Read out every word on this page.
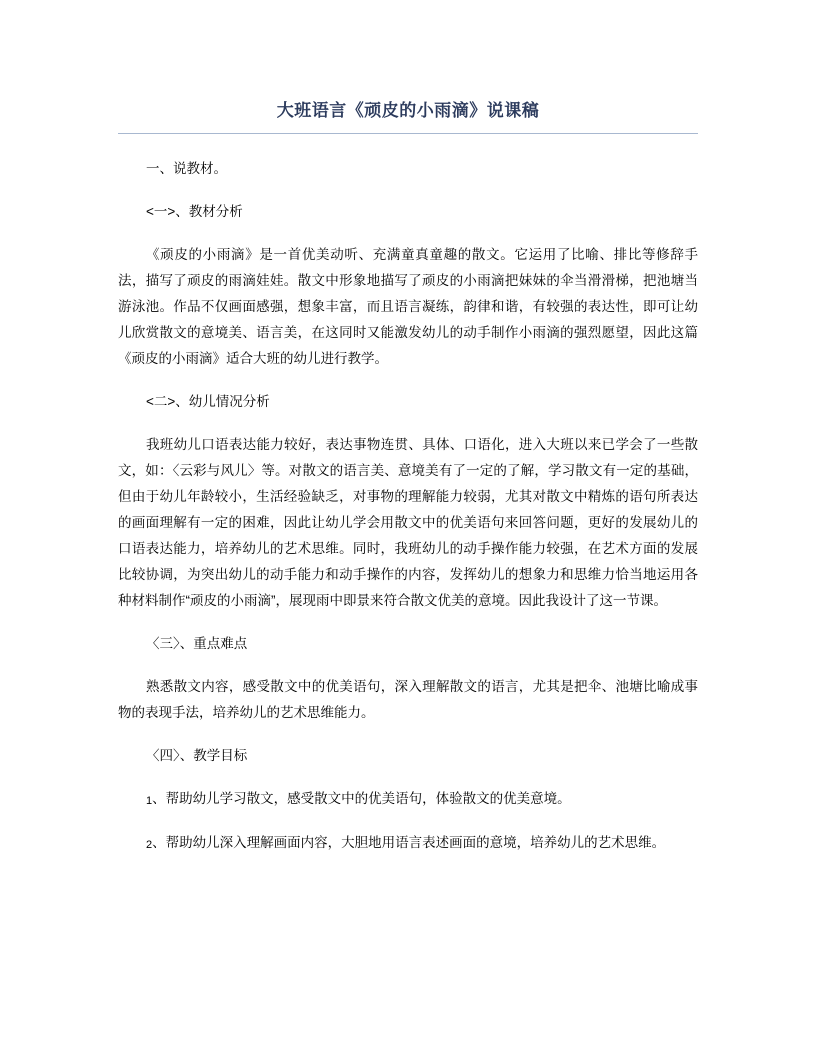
大班语言《顽皮的小雨滴》说课稿

一、说教材。

<一>、教材分析

《顽皮的小雨滴》是一首优美动听、充满童真童趣的散文。它运用了比喻、排比等修辞手法，描写了顽皮的雨滴娃娃。散文中形象地描写了顽皮的小雨滴把妹妹的伞当滑滑梯，把池塘当游泳池。作品不仅画面感强，想象丰富，而且语言凝练，韵律和谐，有较强的表达性，即可让幼儿欣赏散文的意境美、语言美，在这同时又能激发幼儿的动手制作小雨滴的强烈愿望，因此这篇《顽皮的小雨滴》适合大班的幼儿进行教学。

<二>、幼儿情况分析

我班幼儿口语表达能力较好，表达事物连贯、具体、口语化，进入大班以来已学会了一些散文，如：〈云彩与风儿〉等。对散文的语言美、意境美有了一定的了解，学习散文有一定的基础，但由于幼儿年龄较小，生活经验缺乏，对事物的理解能力较弱，尤其对散文中精炼的语句所表达的画面理解有一定的困难，因此让幼儿学会用散文中的优美语句来回答问题，更好的发展幼儿的口语表达能力，培养幼儿的艺术思维。同时，我班幼儿的动手操作能力较强，在艺术方面的发展比较协调，为突出幼儿的动手能力和动手操作的内容，发挥幼儿的想象力和思维力恰当地运用各种材料制作“顽皮的小雨滴”，展现雨中即景来符合散文优美的意境。因此我设计了这一节课。

〈三〉、重点难点

熟悉散文内容，感受散文中的优美语句，深入理解散文的语言，尤其是把伞、池塘比喻成事物的表现手法，培养幼儿的艺术思维能力。

〈四〉、教学目标

1、帮助幼儿学习散文，感受散文中的优美语句，体验散文的优美意境。

2、帮助幼儿深入理解画面内容，大胆地用语言表述画面的意境，培养幼儿的艺术思维。
